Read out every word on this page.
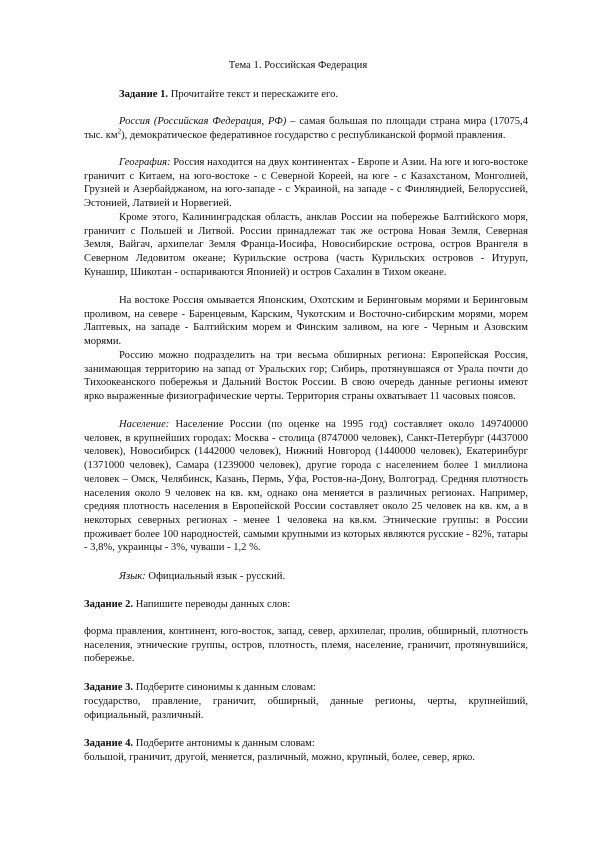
Тема 1. Российская Федерация

Задание 1. Прочитайте текст и перескажите его.

Россия (Российская Федерация, РФ) – самая большая по площади страна мира (17075,4 тыс. $км^2$), демократическое федеративное государство с республиканской формой правления.

География: Россия находится на двух континентах - Европе и Азии. На юге и юго-востоке граничит с Китаем, на юго-востоке - с Северной Кореей, на юге - с Казахстаном, Монголией, Грузией и Азербайджаном, на юго-западе - с Украиной, на западе - с Финляндией, Белоруссией, Эстонией, Латвией и Норвегией.

Кроме этого, Калининградская область, анклав России на побережье Балтийского моря, граничит с Польшей и Литвой. России принадлежат так же острова Новая Земля, Северная Земля, Вайгач, архипелаг Земля Франца-Иосифа, Новосибирские острова, остров Врангеля в Северном Ледовитом океане; Курильские острова (часть Курильских островов - Итуруп, Кунашир, Шикотан - оспариваются Японией) и остров Сахалин в Тихом океане.

На востоке Россия омывается Японским, Охотским и Беринговым морями и Беринговым проливом, на севере - Баренцевым, Карским, Чукотским и Восточно-сибирским морями, морем Лаптевых, на западе - Балтийским морем и Финским заливом, на юге - Черным и Азовским морями.

Россию можно подразделить на три весьма обширных региона: Европейская Россия, занимающая территорию на запад от Уральских гор; Сибирь, протянувшаяся от Урала почти до Тихоокеанского побережья и Дальний Восток России. В свою очередь данные регионы имеют ярко выраженные физиографические черты. Территория страны охватывает 11 часовых поясов.

Население: Население России (по оценке на 1995 год) составляет около 149740000 человек, в крупнейших городах: Москва - столица (8747000 человек), Санкт-Петербург (4437000 человек), Новосибирск (1442000 человек), Нижний Новгород (1440000 человек), Екатеринбург (1371000 человек), Самара (1239000 человек), другие города с населением более 1 миллиона человек – Омск, Челябинск, Казань, Пермь, Уфа, Ростов-на-Дону, Волгоград. Средняя плотность населения около 9 человек на кв. км, однако она меняется в различных регионах. Например, средняя плотность населения в Европейской России составляет около 25 человек на кв. км, а в некоторых северных регионах - менее 1 человека на кв.км. Этнические группы: в России проживает более 100 народностей, самыми крупными из которых являются русские - 82%, татары - 3,8%, украинцы - 3%, чуваши - 1,2 %.

Язык: Официальный язык - русский.

Задание 2. Напишите переводы данных слов:

форма правления, континент, юго-восток, запад, север, архипелаг, пролив, обширный, плотность населения, этнические группы, остров, плотность, племя, население, граничит, протянувшийся, побережье.

Задание 3. Подберите синонимы к данным словам:

государство, правление, граничит, обширный, данные регионы, черты, крупнейший, официальный, различный.

Задание 4. Подберите антонимы к данным словам:

большой, граничит, другой, меняется, различный, можно, крупный, более, север, ярко.
